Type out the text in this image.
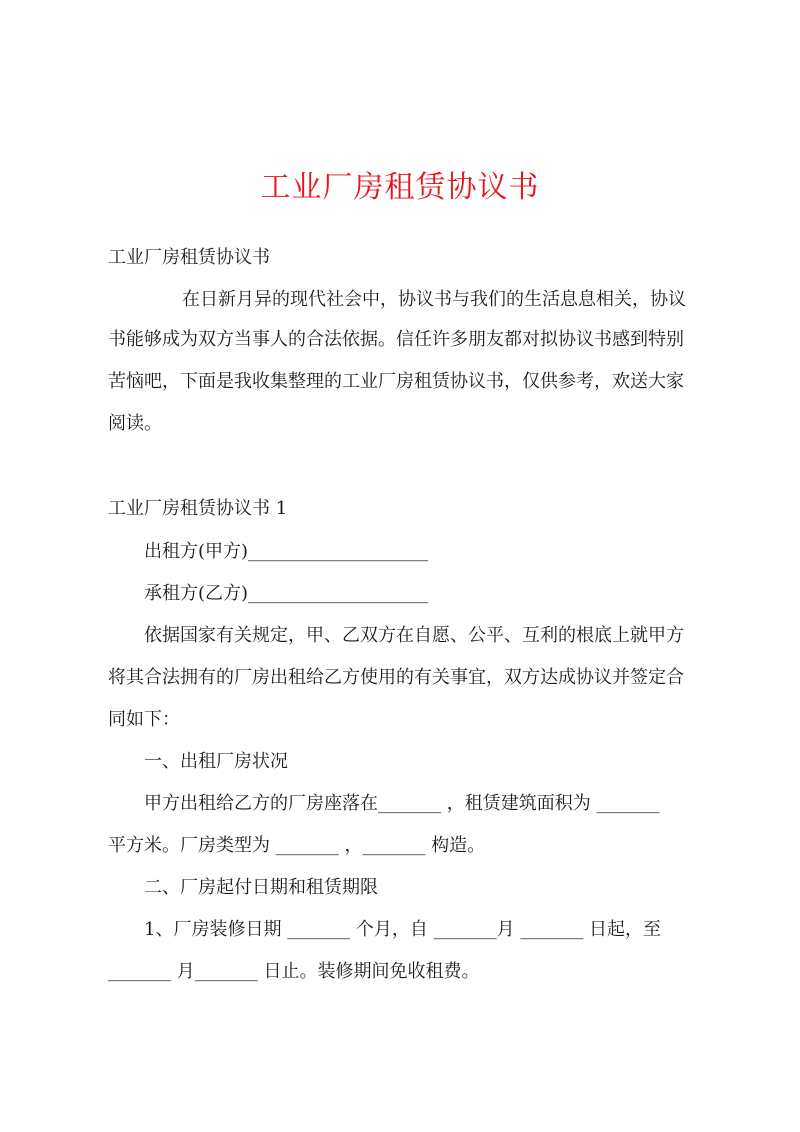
工业厂房租赁协议书
工业厂房租赁协议书
在日新月异的现代社会中，协议书与我们的生活息息相关，协议
书能够成为双方当事人的合法依据。信任许多朋友都对拟协议书感到特别
苦恼吧，下面是我收集整理的工业厂房租赁协议书，仅供参考，欢送大家
阅读。
工业厂房租赁协议书 1
出租方(甲方)____________________
承租方(乙方)____________________
依据国家有关规定，甲、乙双方在自愿、公平、互利的根底上就甲方
将其合法拥有的厂房出租给乙方使用的有关事宜，双方达成协议并签定合
同如下：
一、出租厂房状况
甲方出租给乙方的厂房座落在_______ ，租赁建筑面积为 _______
平方米。厂房类型为 _______ ，_______ 构造。
二、厂房起付日期和租赁期限
1、厂房装修日期 _______ 个月，自 _______月 _______ 日起，至
_______ 月_______ 日止。装修期间免收租费。
